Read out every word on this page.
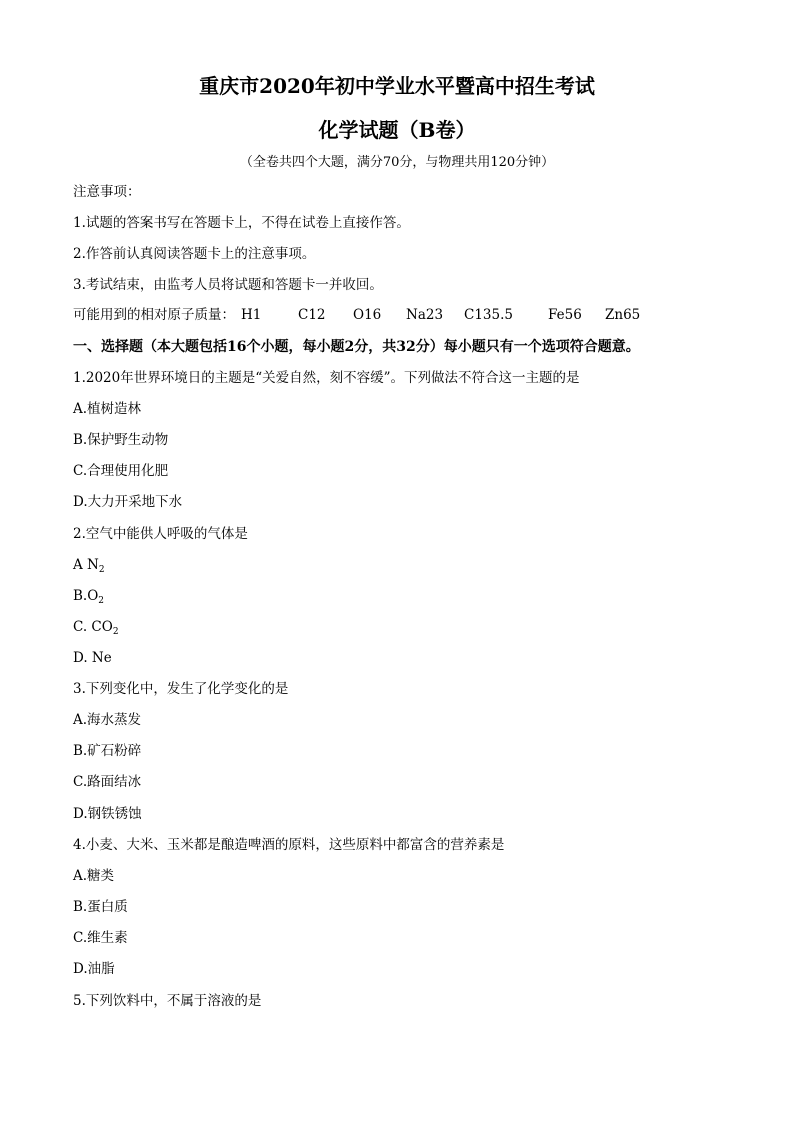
重庆市2020年初中学业水平暨高中招生考试
化学试题（B卷）
（全卷共四个大题，满分70分，与物理共用120分钟）
注意事项：
1.试题的答案书写在答题卡上，不得在试卷上直接作答。
2.作答前认真阅读答题卡上的注意事项。
3.考试结束，由监考人员将试题和答题卡一并收回。
可能用到的相对原子质量： H1	C12 O16 Na23 C135.5	Fe56 Zn65
一、选择题（本大题包括16个小题，每小题2分，共32分）每小题只有一个选项符合题意。
1.2020年世界环境日的主题是“关爱自然，刻不容缓”。下列做法不符合这一主题的是
A.植树造林
B.保护野生动物
C.合理使用化肥
D.大力开采地下水
2.空气中能供人呼吸的气体是
A $N_2$
$B.O_2$
C. $CO_2$
D. Ne
3.下列变化中，发生了化学变化的是
A.海水蒸发
B.矿石粉碎
C.路面结冰
D.钢铁锈蚀
4.小麦、大米、玉米都是酿造啤酒的原料，这些原料中都富含的营养素是
A.糖类
B.蛋白质
C.维生素
D.油脂
5.下列饮料中，不属于溶液的是
